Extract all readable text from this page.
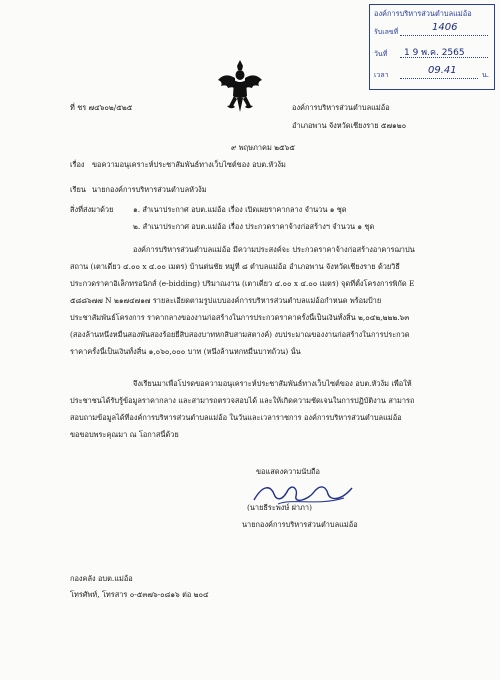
องค์การบริหารส่วนตำบลแม่อ้อ
รับเลขที่	1406
วันที่ 1 9 พ.ค. 2565
เวลา	09.41	น.
ที่ ชร ๗๔๖๐๒/๕๒๕	องค์การบริหารส่วนตำบลแม่อ้อ
อำเภอพาน จังหวัดเชียงราย ๕๗๑๒๐
๙ พฤษภาคม ๒๕๖๕
เรื่อง ขอความอนุเคราะห์ประชาสัมพันธ์ทางเว็บไซต์ของ อบต.หัวง้ม
เรียน นายกองค์การบริหารส่วนตำบลหัวง้ม
สิ่งที่ส่งมาด้วย	๑. สำเนาประกาศ อบต.แม่อ้อ เรื่อง เปิดเผยราคากลาง จำนวน ๑ ชุด
๒. สำเนาประกาศ อบต.แม่อ้อ เรื่อง ประกวดราคาจ้างก่อสร้างฯ จำนวน ๑ ชุด
องค์การบริหารส่วนตำบลแม่อ้อ มีความประสงค์จะ ประกวดราคาจ้างก่อสร้างอาคารฌาปน
สถาน (เตาเดี่ยว ๔.๐๐ x ๔.๐๐ เมตร) บ้านต่นชัย หมู่ที่ ๘ ตำบลแม่อ้อ อำเภอพาน จังหวัดเชียงราย ด้วยวิธี
ประกวดราคาอิเล็กทรอนิกส์ (e-bidding) ปริมาณงาน (เตาเดี่ยว ๔.๐๐ x ๔.๐๐ เมตร) จุดที่ตั้งโครงการพิกัด E
๕๘๘๖๗๗ N ๒๑๗๔๗๑๗ รายละเอียดตามรูปแบบองค์การบริหารส่วนตำบลแม่อ้อกำหนด พร้อมป้าย
ประชาสัมพันธ์โครงการ ราคากลางของงานก่อสร้างในการประกวดราคาครั้งนี้เป็นเงินทั้งสิ้น ๒,๐๔๒,๒๒๒.๖๓
(สองล้านหนึ่งหมื่นสองพันสองร้อยยี่สิบสองบาทหกสิบสามสตางค์) งบประมาณของงานก่อสร้างในการประกวด
ราคาครั้งนี้เป็นเงินทั้งสิ้น ๑,๐๖๐,๐๐๐ บาท (หนึ่งล้านหกหมื่นบาทถ้วน) นั้น
จึงเรียนมาเพื่อโปรดขอความอนุเคราะห์ประชาสัมพันธ์ทางเว็บไซต์ของ อบต.หัวง้ม เพื่อให้
ประชาชนได้รับรู้ข้อมูลราคากลาง และสามารถตรวจสอบได้ และให้เกิดความชัดเจนในการปฏิบัติงาน สามารถ
สอบถามข้อมูลได้ที่องค์การบริหารส่วนตำบลแม่อ้อ ในวันและเวลาราชการ องค์การบริหารส่วนตำบลแม่อ้อ
ขอขอบพระคุณมา ณ โอกาสนี้ด้วย
ขอแสดงความนับถือ
(นายธีระพงษ์ ผ่าภา)
นายกองค์การบริหารส่วนตำบลแม่อ้อ
กองคลัง อบต.แม่อ้อ
โทรศัพท์, โทรสาร ๐-๕๓๗๖-๐๘๑๖ ต่อ ๒๐๔
